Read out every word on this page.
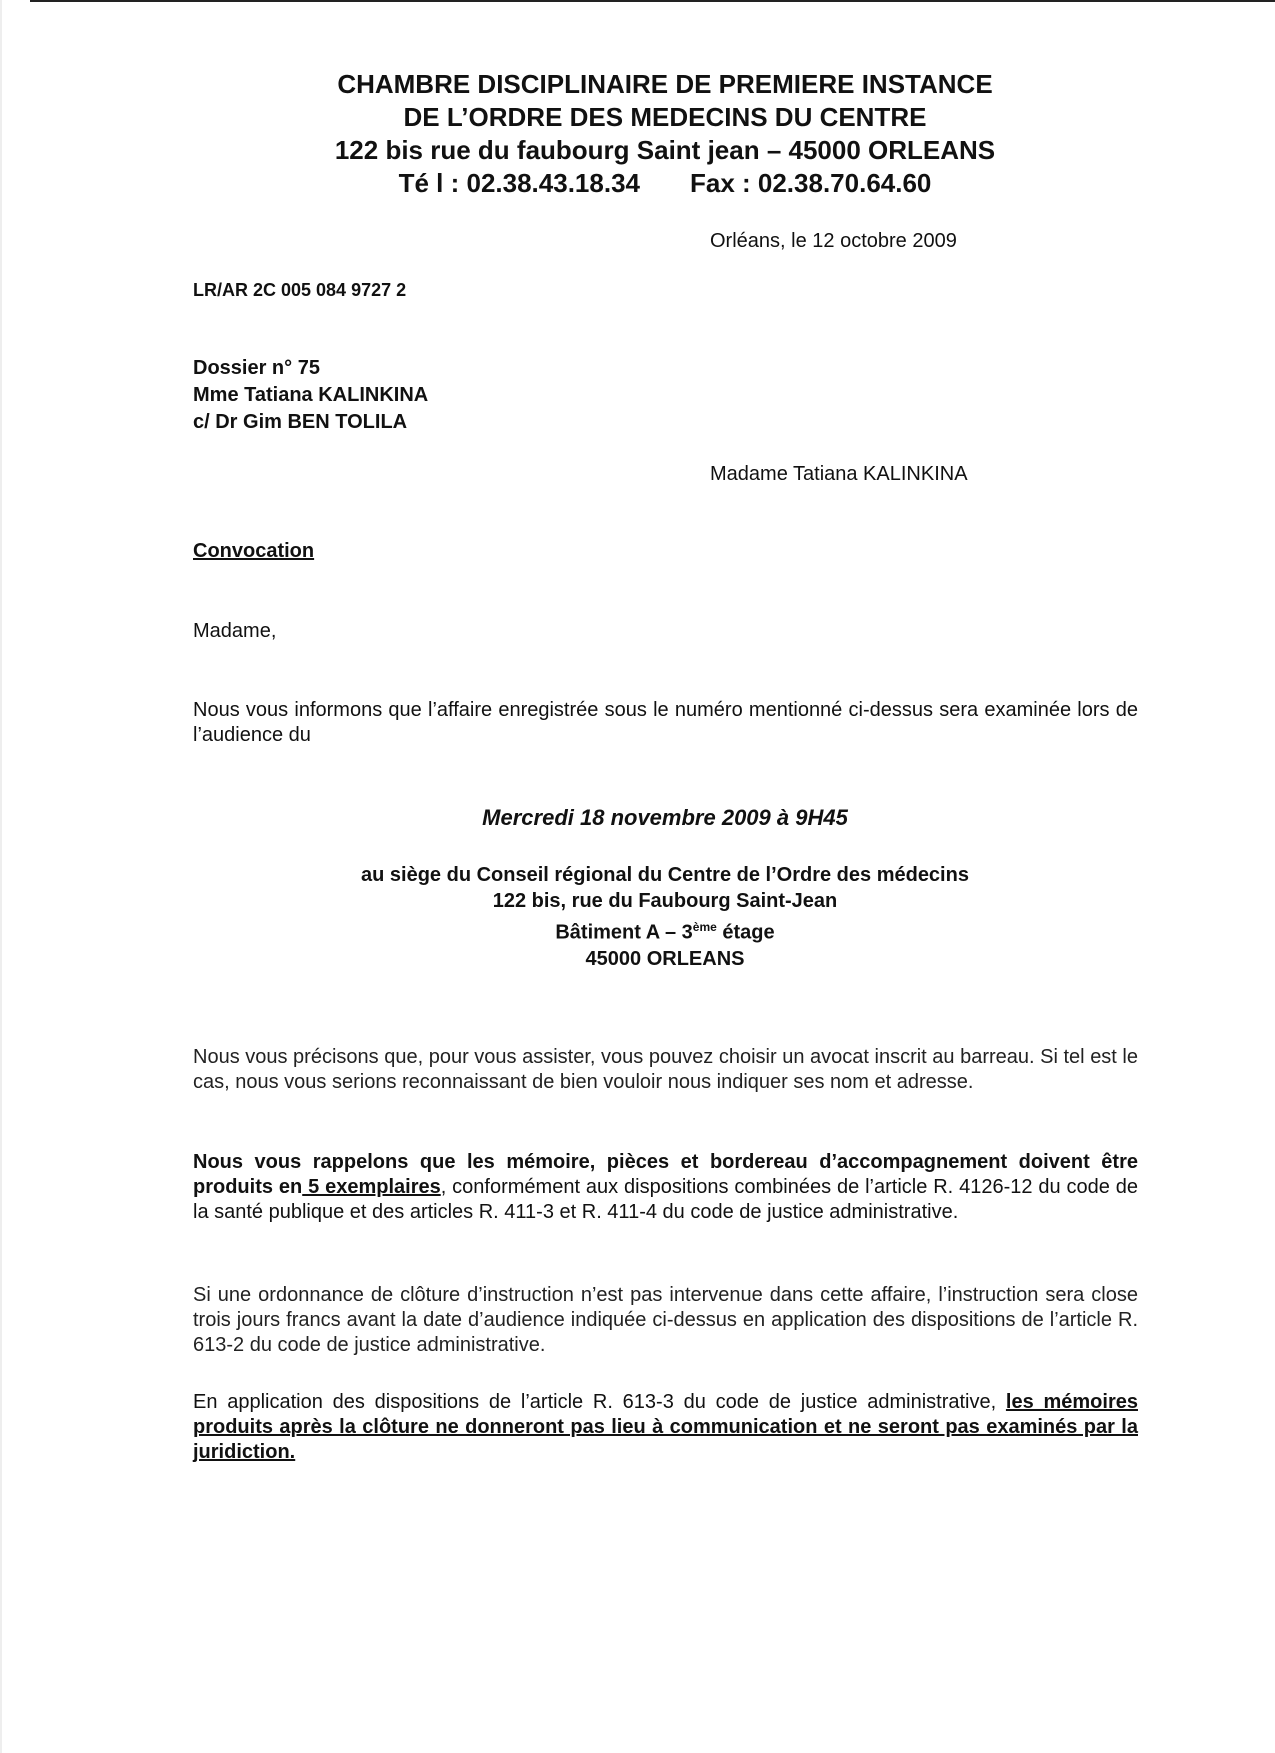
CHAMBRE DISCIPLINAIRE DE PREMIERE INSTANCE
DE L’ORDRE DES MEDECINS DU CENTRE
122 bis rue du faubourg Saint jean – 45000 ORLEANS
Té l : 02.38.43.18.34 Fax : 02.38.70.64.60
Orléans, le 12 octobre 2009
LR/AR 2C 005 084 9727 2
Dossier n° 75
Mme Tatiana KALINKINA
c/ Dr Gim BEN TOLILA
Madame Tatiana KALINKINA
Convocation
Madame,
Nous vous informons que l’affaire enregistrée sous le numéro mentionné ci-dessus sera examinée lors de l’audience du
Mercredi 18 novembre 2009 à 9H45
au siège du Conseil régional du Centre de l’Ordre des médecins
122 bis, rue du Faubourg Saint-Jean
Bâtiment A – 3ème étage
45000 ORLEANS
Nous vous précisons que, pour vous assister, vous pouvez choisir un avocat inscrit au barreau. Si tel est le cas, nous vous serions reconnaissant de bien vouloir nous indiquer ses nom et adresse.
Nous vous rappelons que les mémoire, pièces et bordereau d’accompagnement doivent être produits en 5 exemplaires, conformément aux dispositions combinées de l’article R. 4126-12 du code de la santé publique et des articles R. 411-3 et R. 411-4 du code de justice administrative.
Si une ordonnance de clôture d’instruction n’est pas intervenue dans cette affaire, l’instruction sera close trois jours francs avant la date d’audience indiquée ci-dessus en application des dispositions de l’article R. 613-2 du code de justice administrative.
En application des dispositions de l’article R. 613-3 du code de justice administrative, les mémoires produits après la clôture ne donneront pas lieu à communication et ne seront pas examinés par la juridiction.
